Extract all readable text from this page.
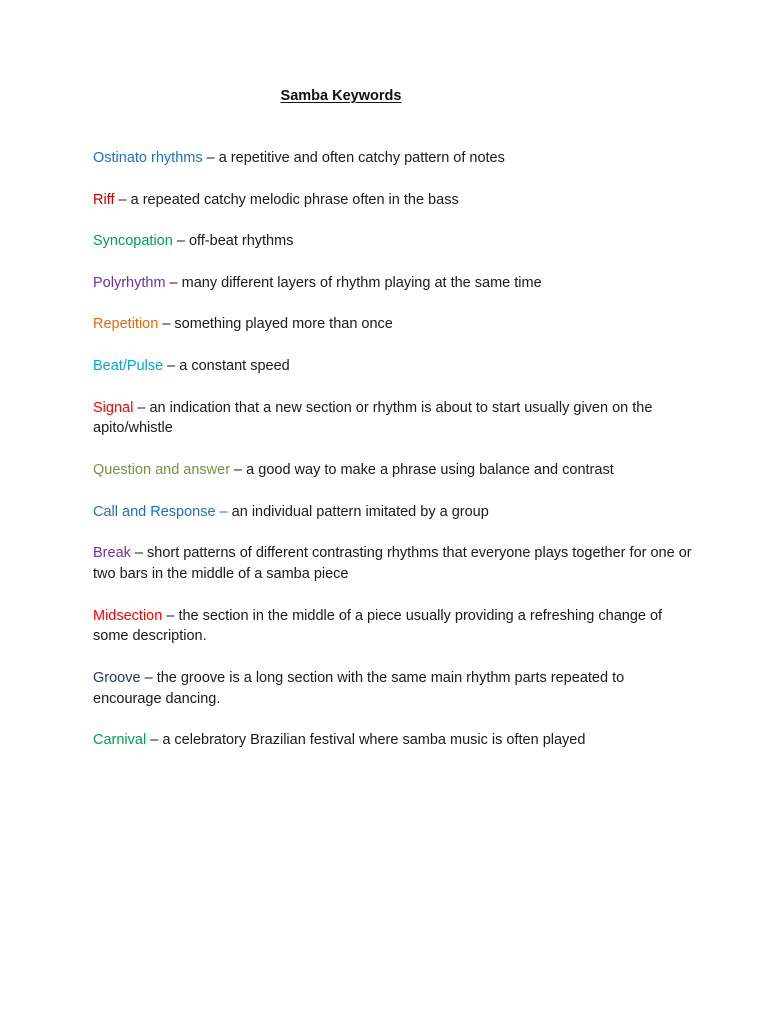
Samba Keywords
Ostinato rhythms – a repetitive and often catchy pattern of notes
Riff – a repeated catchy melodic phrase often in the bass
Syncopation – off-beat rhythms
Polyrhythm – many different layers of rhythm playing at the same time
Repetition – something played more than once
Beat/Pulse – a constant speed
Signal – an indication that a new section or rhythm is about to start usually given on the apito/whistle
Question and answer – a good way to make a phrase using balance and contrast
Call and Response – an individual pattern imitated by a group
Break – short patterns of different contrasting rhythms that everyone plays together for one or two bars in the middle of a samba piece
Midsection – the section in the middle of a piece usually providing a refreshing change of some description.
Groove – the groove is a long section with the same main rhythm parts repeated to encourage dancing.
Carnival – a celebratory Brazilian festival where samba music is often played
